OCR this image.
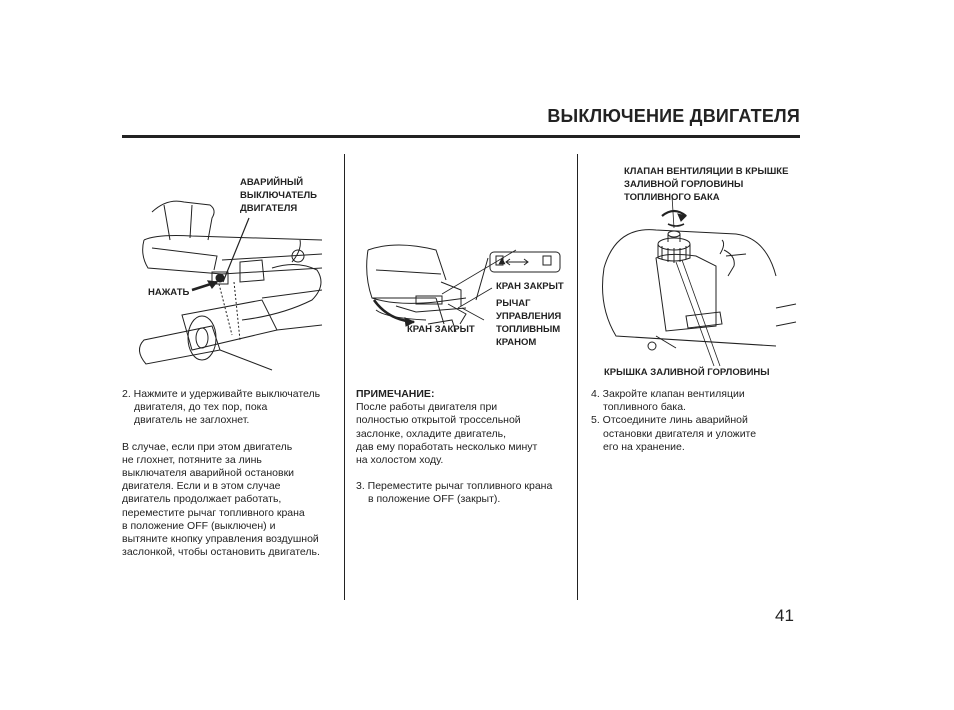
ВЫКЛЮЧЕНИЕ ДВИГАТЕЛЯ
АВАРИЙНЫЙ
ВЫКЛЮЧАТЕЛЬ
ДВИГАТЕЛЯ
НАЖАТЬ
КРАН ЗАКРЫТ
КРАН ЗАКРЫТ
РЫЧАГ
УПРАВЛЕНИЯ
ТОПЛИВНЫМ
КРАНОМ
КЛАПАН ВЕНТИЛЯЦИИ В КРЫШКЕ
ЗАЛИВНОЙ ГОРЛОВИНЫ
ТОПЛИВНОГО БАКА
КРЫШКА ЗАЛИВНОЙ ГОРЛОВИНЫ

2. Нажмите и удерживайте выключатель

двигателя, до тех пор, пока

двигатель не заглохнет.

В случае, если при этом двигатель

не глохнет, потяните за линь

выключателя аварийной остановки

двигателя. Если и в этом случае

двигатель продолжает работать,

переместите рычаг топливного крана

в положение OFF (выключен) и

вытяните кнопку управления воздушной

заслонкой, чтобы остановить двигатель.

ПРИМЕЧАНИЕ:

После работы двигателя при

полностью открытой троссельной

заслонке, охладите двигатель,

дав ему поработать несколько минут

на холостом ходу.

3. Переместите рычаг топливного крана

в положение OFF (закрыт).

4. Закройте клапан вентиляции

топливного бака.

5. Отсоедините линь аварийной

остановки двигателя и уложите

его на хранение.

41
